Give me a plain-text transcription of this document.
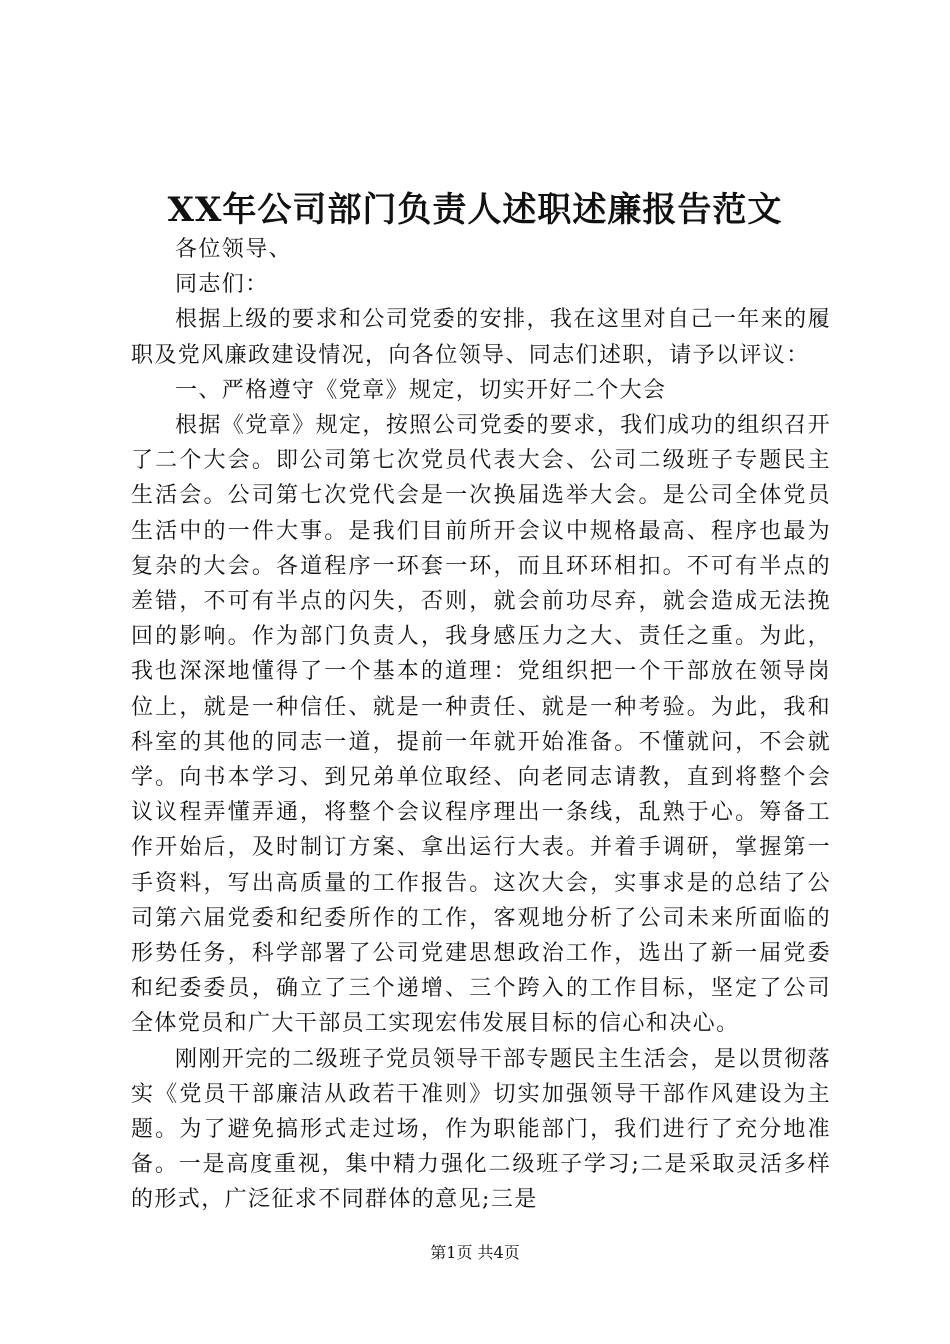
XX年公司部门负责人述职述廉报告范文

各位领导、

同志们：

根据上级的要求和公司党委的安排，我在这里对自己一年来的履职及党风廉政建设情况，向各位领导、同志们述职，请予以评议：

一、严格遵守《党章》规定，切实开好二个大会

根据《党章》规定，按照公司党委的要求，我们成功的组织召开了二个大会。即公司第七次党员代表大会、公司二级班子专题民主生活会。公司第七次党代会是一次换届选举大会。是公司全体党员生活中的一件大事。是我们目前所开会议中规格最高、程序也最为复杂的大会。各道程序一环套一环，而且环环相扣。不可有半点的差错，不可有半点的闪失，否则，就会前功尽弃，就会造成无法挽回的影响。作为部门负责人，我身感压力之大、责任之重。为此，我也深深地懂得了一个基本的道理：党组织把一个干部放在领导岗位上，就是一种信任、就是一种责任、就是一种考验。为此，我和科室的其他的同志一道，提前一年就开始准备。不懂就问，不会就学。向书本学习、到兄弟单位取经、向老同志请教，直到将整个会议议程弄懂弄通，将整个会议程序理出一条线，乱熟于心。筹备工作开始后，及时制订方案、拿出运行大表。并着手调研，掌握第一手资料，写出高质量的工作报告。这次大会，实事求是的总结了公司第六届党委和纪委所作的工作，客观地分析了公司未来所面临的形势任务，科学部署了公司党建思想政治工作，选出了新一届党委和纪委委员，确立了三个递增、三个跨入的工作目标，坚定了公司全体党员和广大干部员工实现宏伟发展目标的信心和决心。

刚刚开完的二级班子党员领导干部专题民主生活会，是以贯彻落实《党员干部廉洁从政若干准则》切实加强领导干部作风建设为主题。为了避免搞形式走过场，作为职能部门，我们进行了充分地准备。一是高度重视，集中精力强化二级班子学习;二是采取灵活多样的形式，广泛征求不同群体的意见;三是

第1页 共4页
